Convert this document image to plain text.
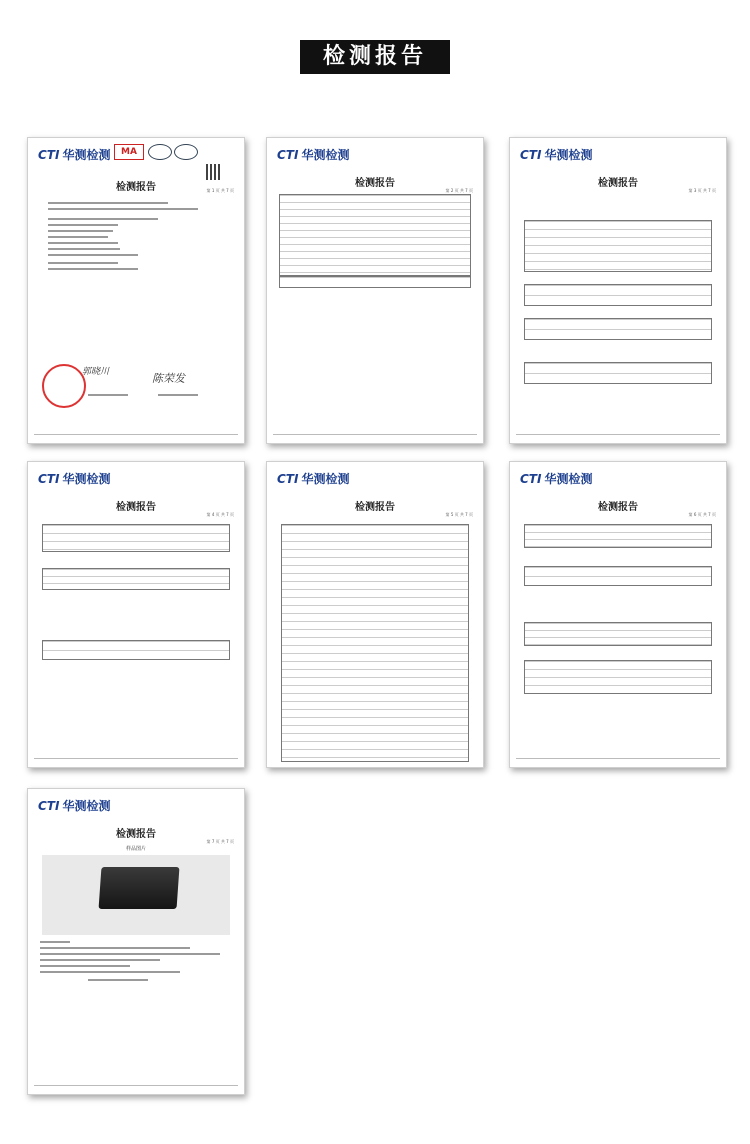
检测报告
CTI 华测检测	MA
检测报告	第 1 页 共 7 页
郭晓川	陈荣发
CTI 华测检测
检测报告
第 2 页 共 7 页
CTI 华测检测
检测报告
第 3 页 共 7 页
CTI 华测检测
检测报告
第 4 页 共 7 页
CTI 华测检测
检测报告
第 5 页 共 7 页
CTI 华测检测
检测报告
第 6 页 共 7 页
CTI 华测检测
检测报告
第 7 页 共 7 页
样品图片
